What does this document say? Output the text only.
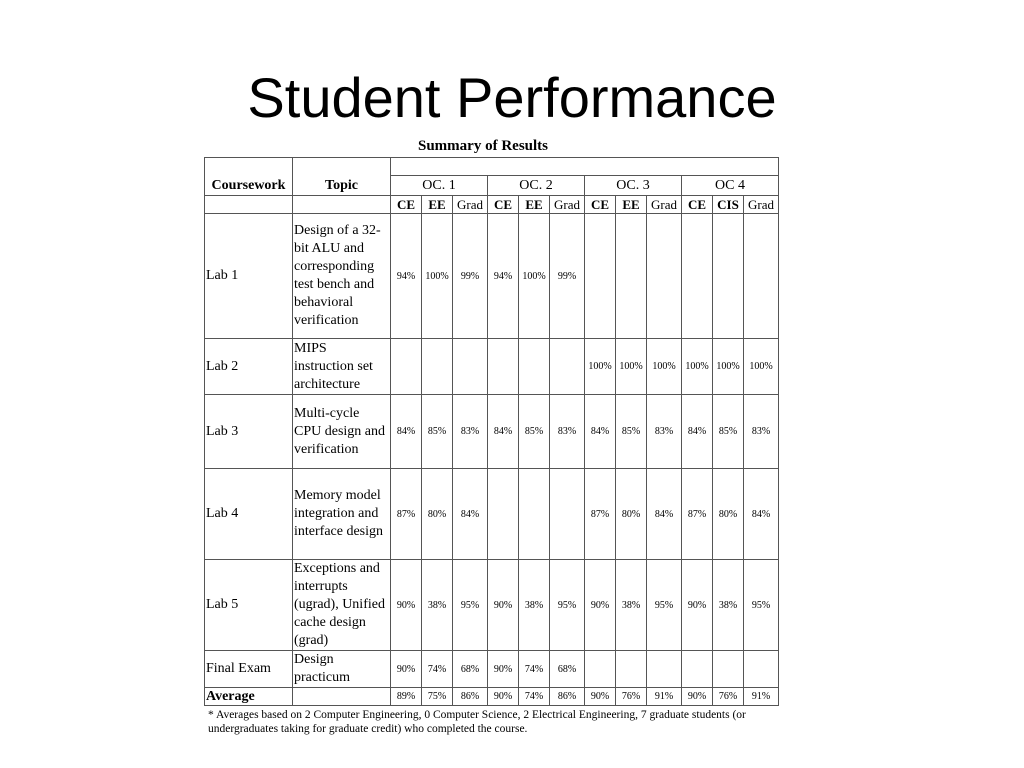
Student Performance
Summary of Results
Coursework	Topic												
		OC. 1			OC. 2			OC. 3			OC 4		
		CE	EE	Grad	CE	EE	Grad	CE	EE	Grad	CE	CIS	Grad
Lab 1	Design of a 32-bit ALU and corresponding test bench and behavioral verification	94%	100%	99%	94%	100%	99%						
Lab 2	MIPS instruction set architecture							100%	100%	100%	100%	100%	100%
Lab 3	Multi-cycle CPU design and verification	84%	85%	83%	84%	85%	83%	84%	85%	83%	84%	85%	83%
Lab 4	Memory model integration and interface design	87%	80%	84%				87%	80%	84%	87%	80%	84%
Lab 5	Exceptions and interrupts (ugrad), Unified cache design (grad)	90%	38%	95%	90%	38%	95%	90%	38%	95%	90%	38%	95%
Final Exam	Design practicum	90%	74%	68%	90%	74%	68%						
Average		89%	75%	86%	90%	74%	86%	90%	76%	91%	90%	76%	91%
* Averages based on 2 Computer Engineering, 0 Computer Science, 2 Electrical Engineering, 7 graduate students (or undergraduates taking for graduate credit) who completed the course.
